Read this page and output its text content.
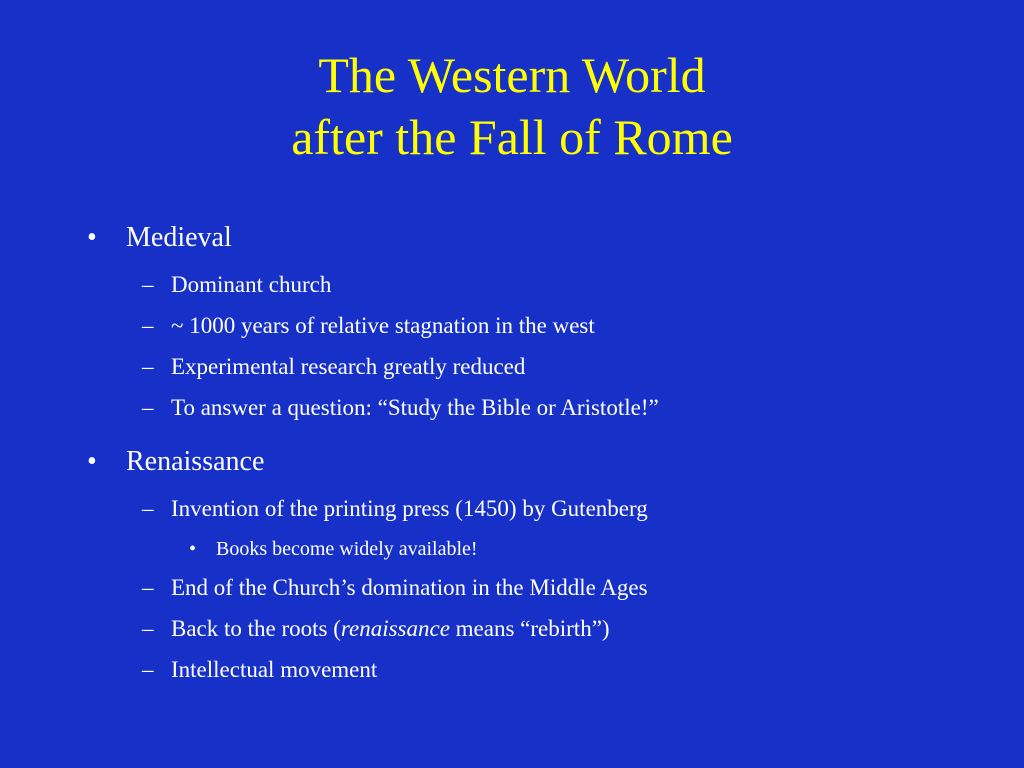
The Western World
after the Fall of Rome
• Medieval
– Dominant church
– ~ 1000 years of relative stagnation in the west
– Experimental research greatly reduced
– To answer a question: “Study the Bible or Aristotle!”
• Renaissance
– Invention of the printing press (1450) by Gutenberg
• Books become widely available!
– End of the Church’s domination in the Middle Ages
– Back to the roots (renaissance means “rebirth”)
– Intellectual movement
